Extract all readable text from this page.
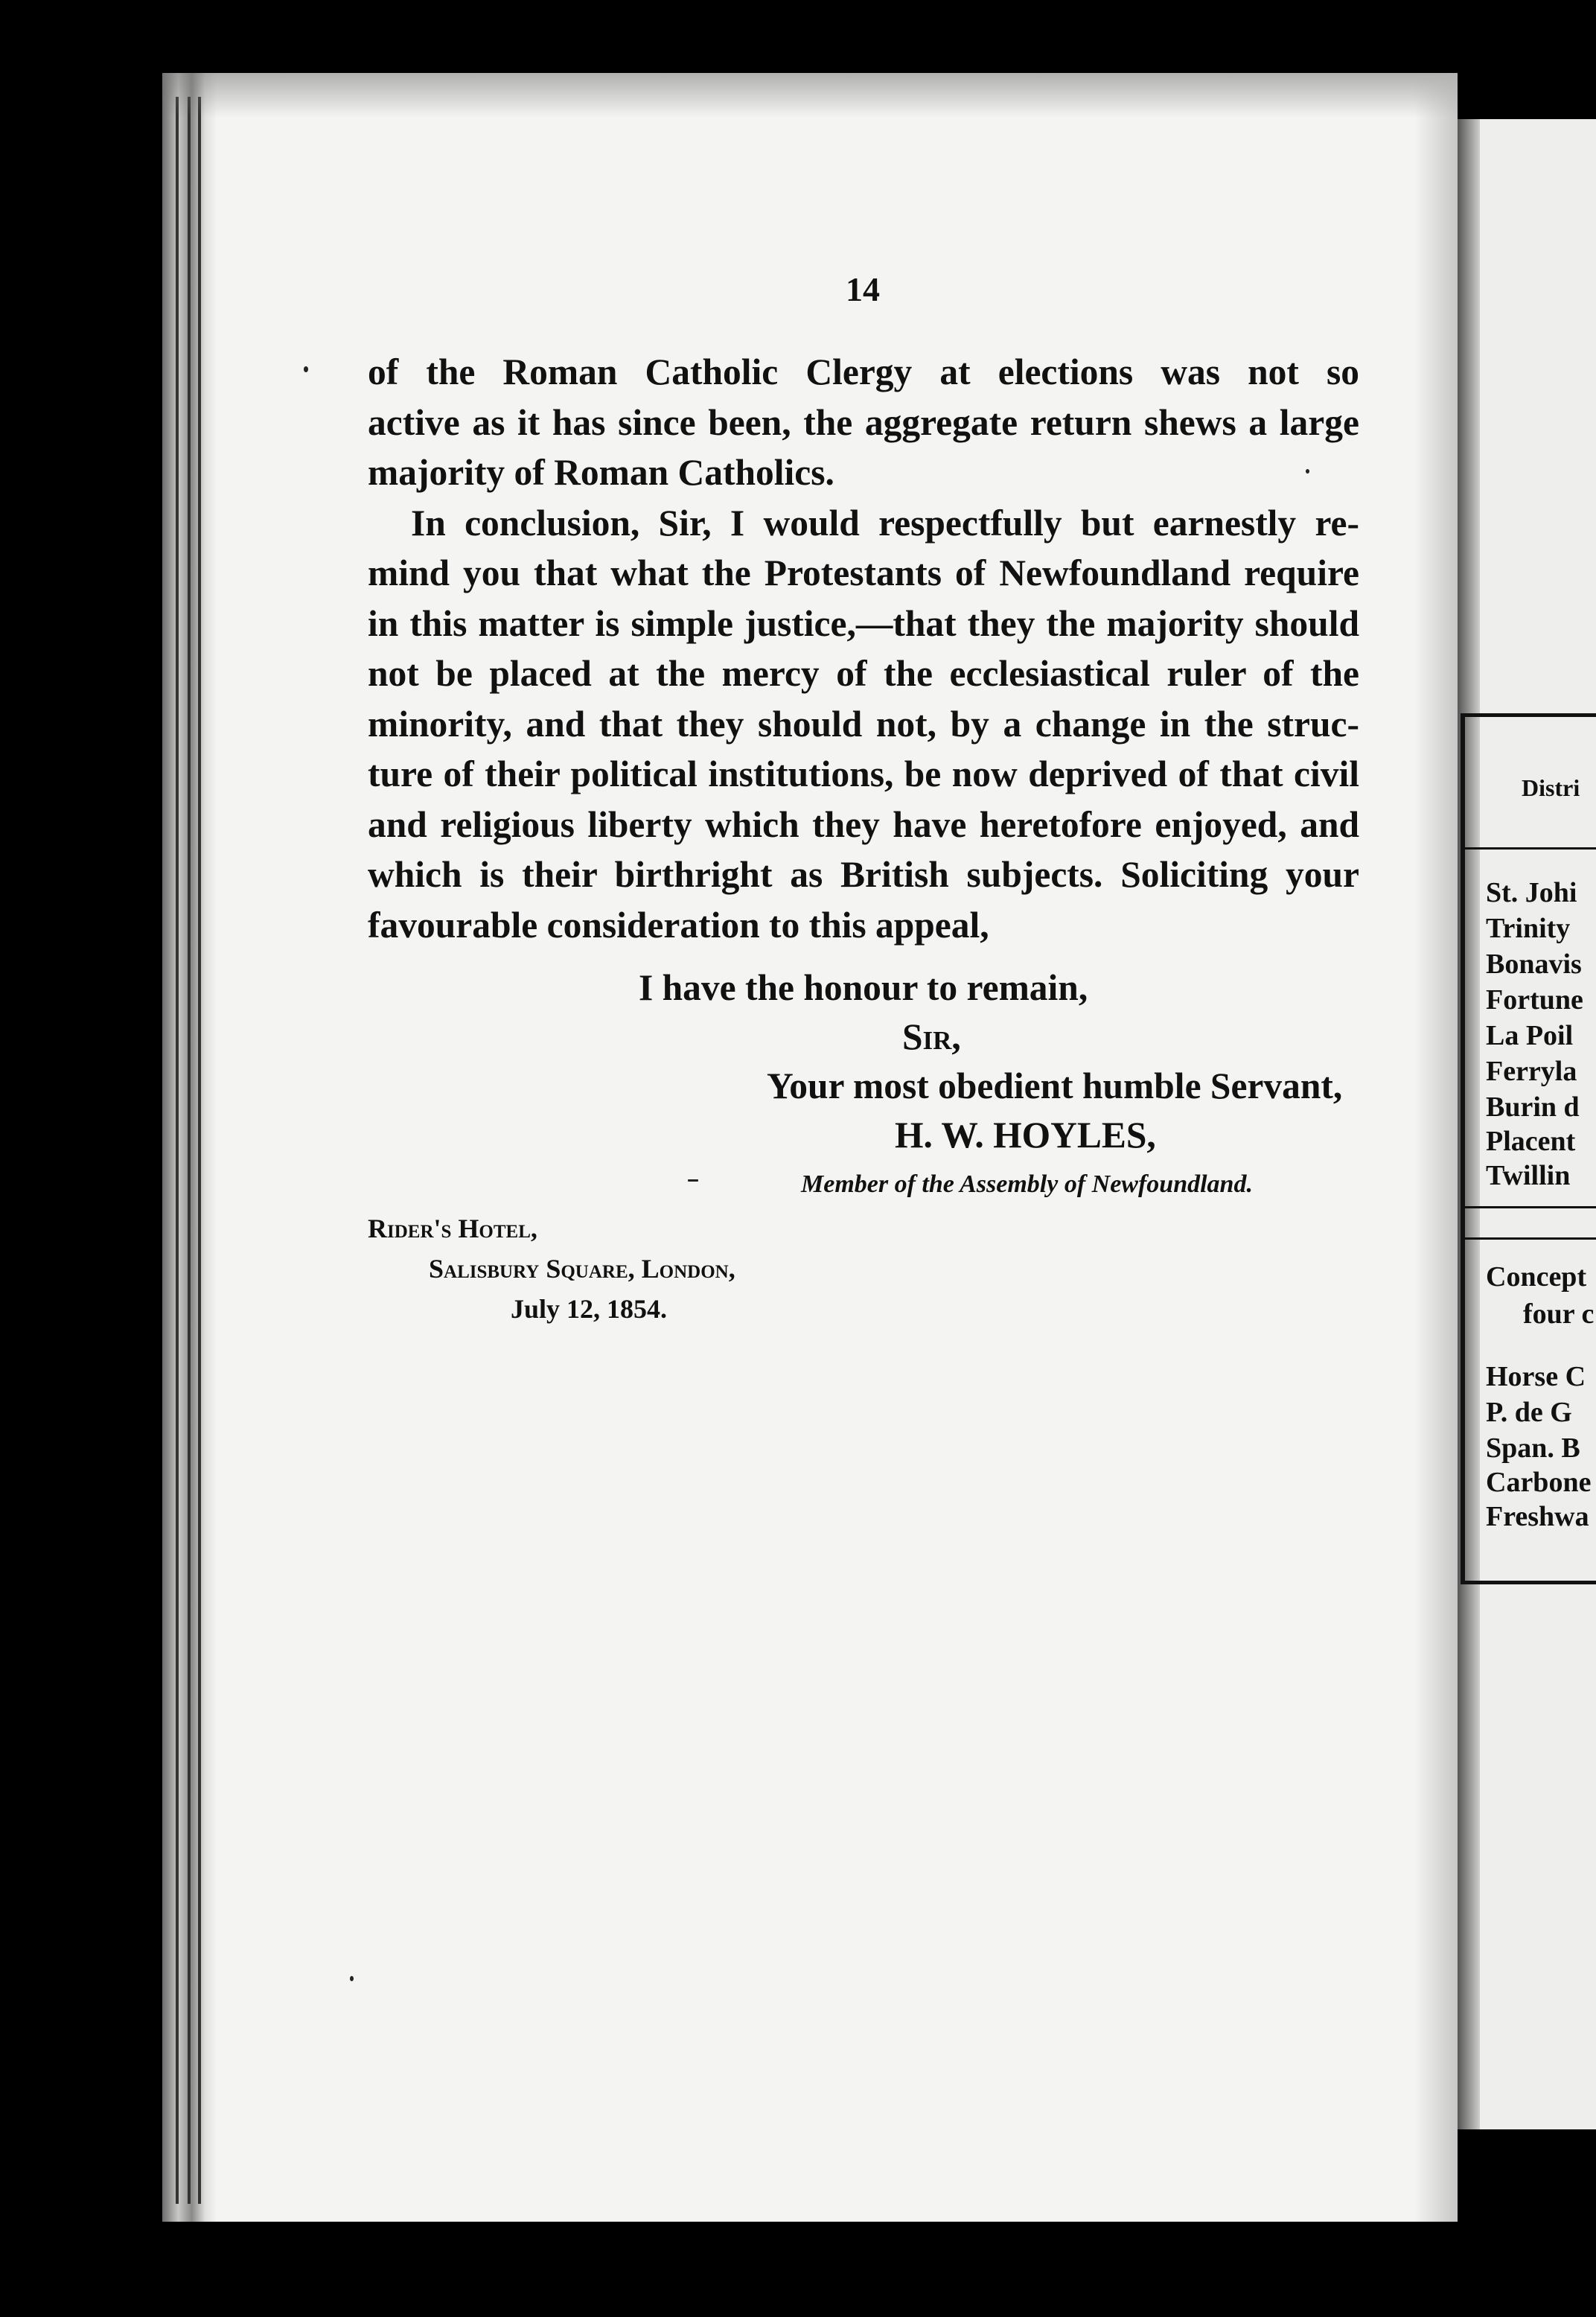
Distri
St. Johi
Trinity
Bonavis
Fortune
La Poil
Ferryla
Burin d
Placent
Twillin
Concept
four c
Horse C
P. de G
Span. B
Carbone
Freshwa
14
of the Roman Catholic Clergy at elections was not so
active as it has since been, the aggregate return shews a large
majority of Roman Catholics.
In conclusion, Sir, I would respectfully but earnestly re-
mind you that what the Protestants of Newfoundland require
in this matter is simple justice,—that they the majority should
not be placed at the mercy of the ecclesiastical ruler of the
minority, and that they should not, by a change in the struc-
ture of their political institutions, be now deprived of that civil
and religious liberty which they have heretofore enjoyed, and
which is their birthright as British subjects. Soliciting your
favourable consideration to this appeal,
I have the honour to remain,
Sir,
Your most obedient humble Servant,
H. W. HOYLES,
Member of the Assembly of Newfoundland.
Rider's Hotel,
Salisbury Square, London,
July 12, 1854.
